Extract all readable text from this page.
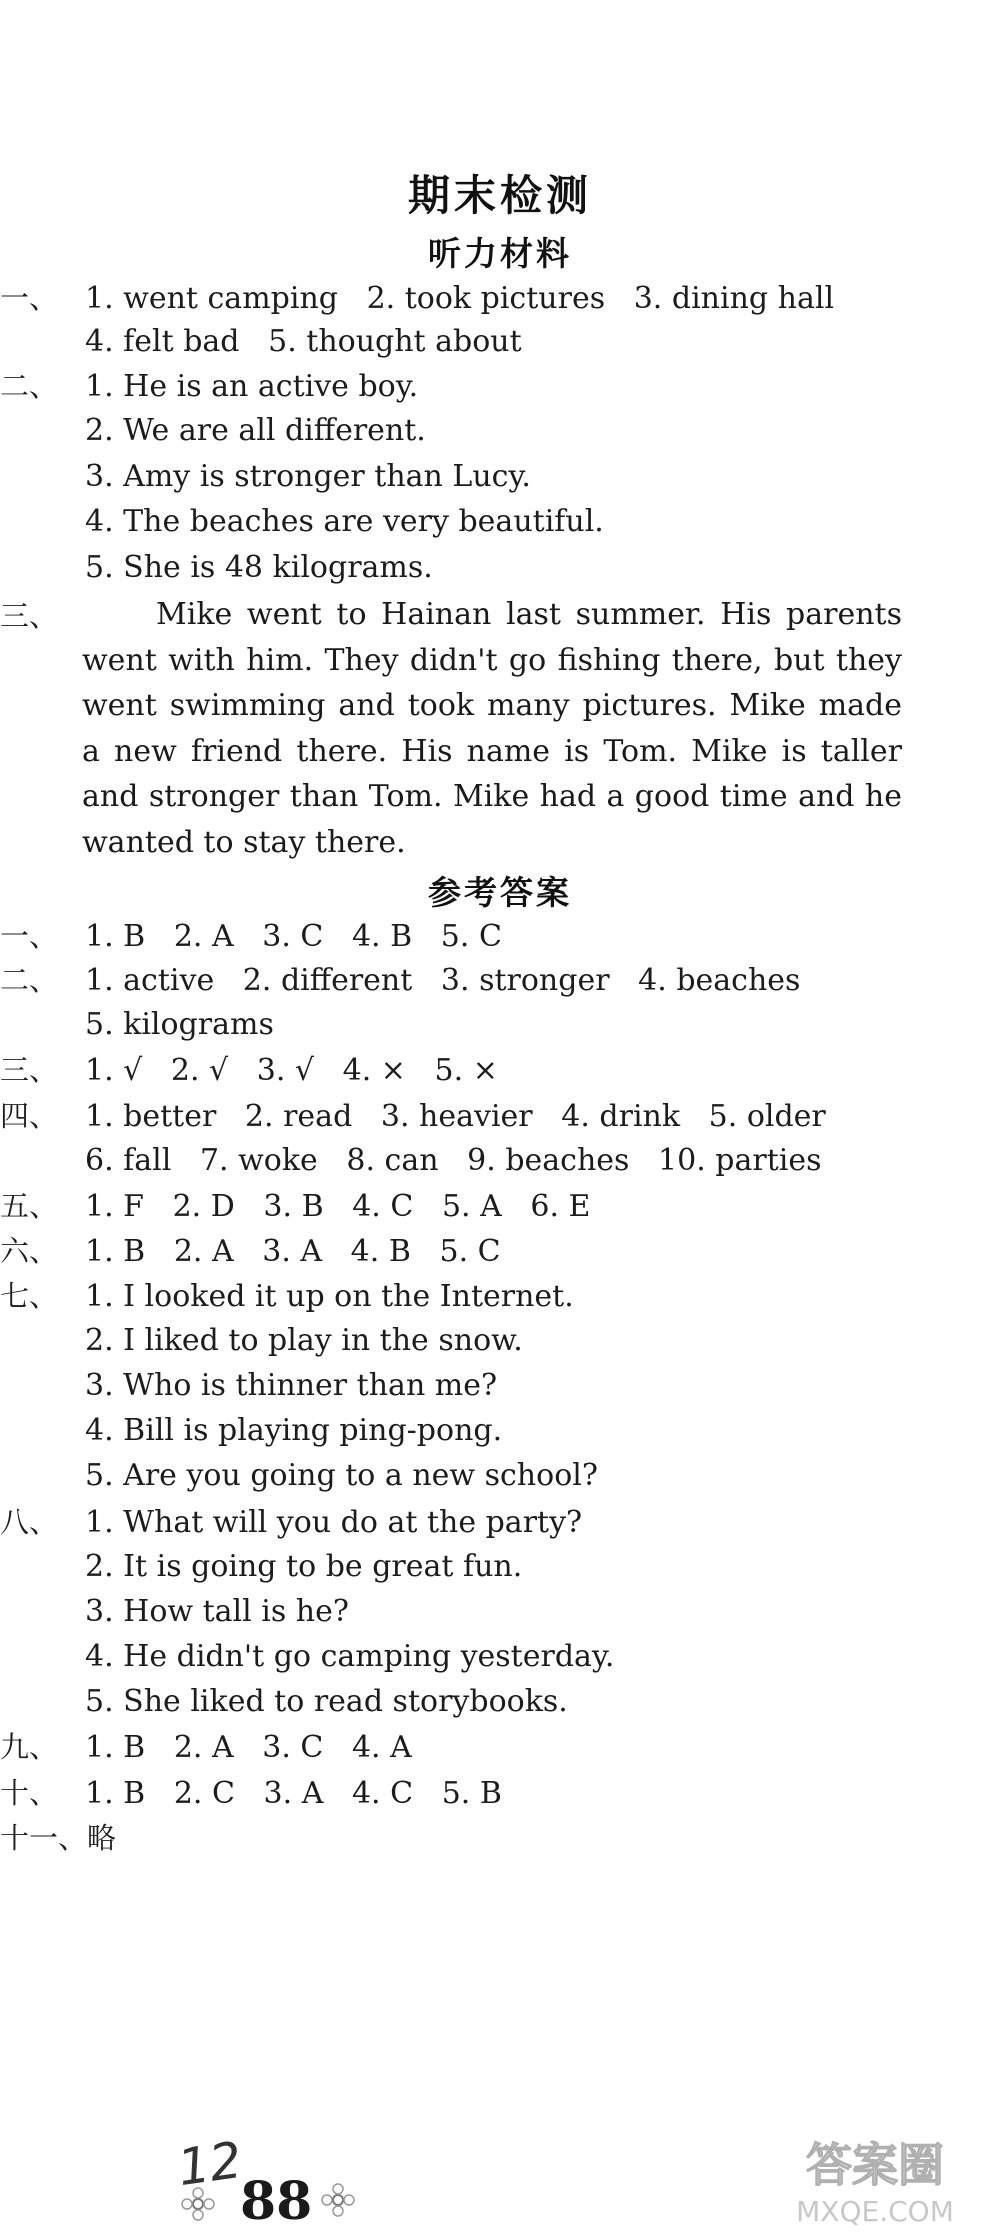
期末检测
听力材料
一、 1. went camping   2. took pictures   3. dining hall
4. felt bad   5. thought about
二、 1. He is an active boy.
2. We are all different.
3. Amy is stronger than Lucy.
4. The beaches are very beautiful.
5. She is 48 kilograms.
三、	Mike went to Hainan last summer. His parents went with him. They didn't go fishing there, but they went swimming and took many pictures. Mike made a new friend there. His name is Tom. Mike is taller and stronger than Tom. Mike had a good time and he wanted to stay there.
参考答案
一、 1. B   2. A   3. C   4. B   5. C
二、 1. active   2. different   3. stronger   4. beaches
5. kilograms
三、 1. √   2. √   3. √   4. ×   5. ×
四、 1. better   2. read   3. heavier   4. drink   5. older
6. fall   7. woke   8. can   9. beaches   10. parties
五、 1. F   2. D   3. B   4. C   5. A   6. E
六、 1. B   2. A   3. A   4. B   5. C
七、 1. I looked it up on the Internet.
2. I liked to play in the snow.
3. Who is thinner than me?
4. Bill is playing ping-pong.
5. Are you going to a new school?
八、 1. What will you do at the party?
2. It is going to be great fun.
3. How tall is he?
4. He didn't go camping yesterday.
5. She liked to read storybooks.
九、 1. B   2. A   3. C   4. A
十、 1. B   2. C   3. A   4. C   5. B
十一、略
12
88
答案圈
MXQE.COM
